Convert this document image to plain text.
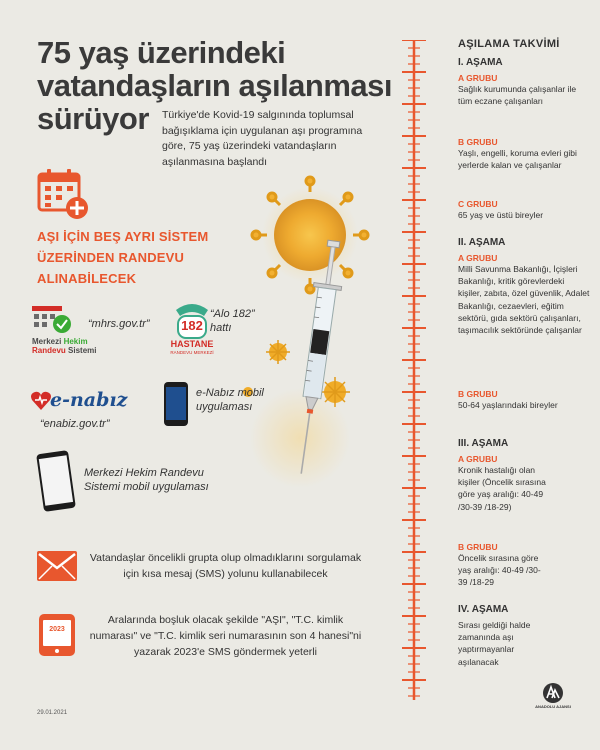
75 yaş üzerindeki vatandaşların aşılanması sürüyor	Türkiye'de Kovid-19 salgınında toplumsal bağışıklama için uygulanan aşı programına göre, 75 yaş üzerindeki vatandaşların aşılanmasına başlandı
AŞI İÇİN BEŞ AYRI SİSTEM ÜZERİNDEN RANDEVU ALINABİLECEK
Merkezi Hekim
Randevu Sistemi
“mhrs.gov.tr”	182
HASTANE
RANDEVU MERKEZİ
“Alo 182” hattı
e-nabız
“enabiz.gov.tr”
e-Nabız mobil uygulaması
Merkezi Hekim Randevu Sistemi mobil uygulaması
Vatandaşlar öncelikli grupta olup olmadıklarını sorgulamak için kısa mesaj (SMS) yolunu kullanabilecek
2023
Aralarında boşluk olacak şekilde "AŞI", "T.C. kimlik numarası" ve "T.C. kimlik seri numarasının son 4 hanesi"ni yazarak 2023'e SMS göndermek yeterli
29.01.2021
AŞILAMA TAKVİMİ
I. AŞAMA
A GRUBU
Sağlık kurumunda çalışanlar ile tüm eczane çalışanları
B GRUBU
Yaşlı, engelli, koruma evleri gibi yerlerde kalan ve çalışanlar
C GRUBU
65 yaş ve üstü bireyler
II. AŞAMA
A GRUBU
Milli Savunma Bakanlığı, İçişleri Bakanlığı, kritik görevlerdeki kişiler, zabıta, özel güvenlik, Adalet Bakanlığı, cezaevleri, eğitim sektörü, gıda sektörü çalışanları, taşımacılık sektöründe çalışanlar
B GRUBU
50-64 yaşlarındaki bireyler
III. AŞAMA
A GRUBU
Kronik hastalığı olan kişiler (Öncelik sırasına göre yaş aralığı: 40-49 /30-39 /18-29)
B GRUBU
Öncelik sırasına göre yaş aralığı: 40-49 /30-39 /18-29
IV. AŞAMA
Sırası geldiği halde zamanında aşı yaptırmayanlar aşılanacak
ANADOLU AJANSI
